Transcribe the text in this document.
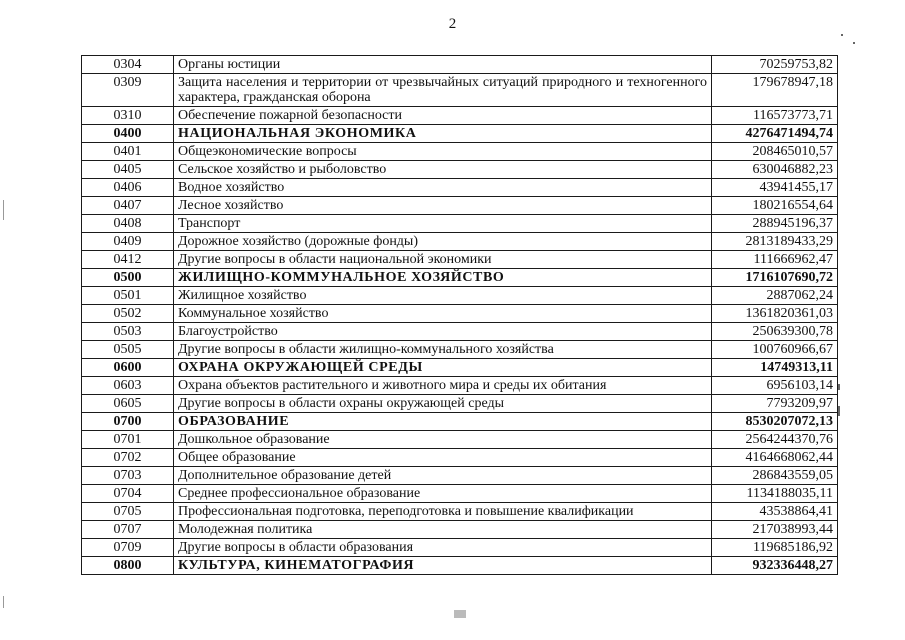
2
0304	Органы юстиции	70259753,82
0309	Защита населения и территории от чрезвычайных ситуаций природного и техногенного характера, гражданская оборона	179678947,18
0310	Обеспечение пожарной безопасности	116573773,71
0400	НАЦИОНАЛЬНАЯ ЭКОНОМИКА	4276471494,74
0401	Общеэкономические вопросы	208465010,57
0405	Сельское хозяйство и рыболовство	630046882,23
0406	Водное хозяйство	43941455,17
0407	Лесное хозяйство	180216554,64
0408	Транспорт	288945196,37
0409	Дорожное хозяйство (дорожные фонды)	2813189433,29
0412	Другие вопросы в области национальной экономики	111666962,47
0500	ЖИЛИЩНО-КОММУНАЛЬНОЕ ХОЗЯЙСТВО	1716107690,72
0501	Жилищное хозяйство	2887062,24
0502	Коммунальное хозяйство	1361820361,03
0503	Благоустройство	250639300,78
0505	Другие вопросы в области жилищно-коммунального хозяйства	100760966,67
0600	ОХРАНА ОКРУЖАЮЩЕЙ СРЕДЫ	14749313,11
0603	Охрана объектов растительного и животного мира и среды их обитания	6956103,14
0605	Другие вопросы в области охраны окружающей среды	7793209,97
0700	ОБРАЗОВАНИЕ	8530207072,13
0701	Дошкольное образование	2564244370,76
0702	Общее образование	4164668062,44
0703	Дополнительное образование детей	286843559,05
0704	Среднее профессиональное образование	1134188035,11
0705	Профессиональная подготовка, переподготовка и повышение квалификации	43538864,41
0707	Молодежная политика	217038993,44
0709	Другие вопросы в области образования	119685186,92
0800	КУЛЬТУРА, КИНЕМАТОГРАФИЯ	932336448,27
